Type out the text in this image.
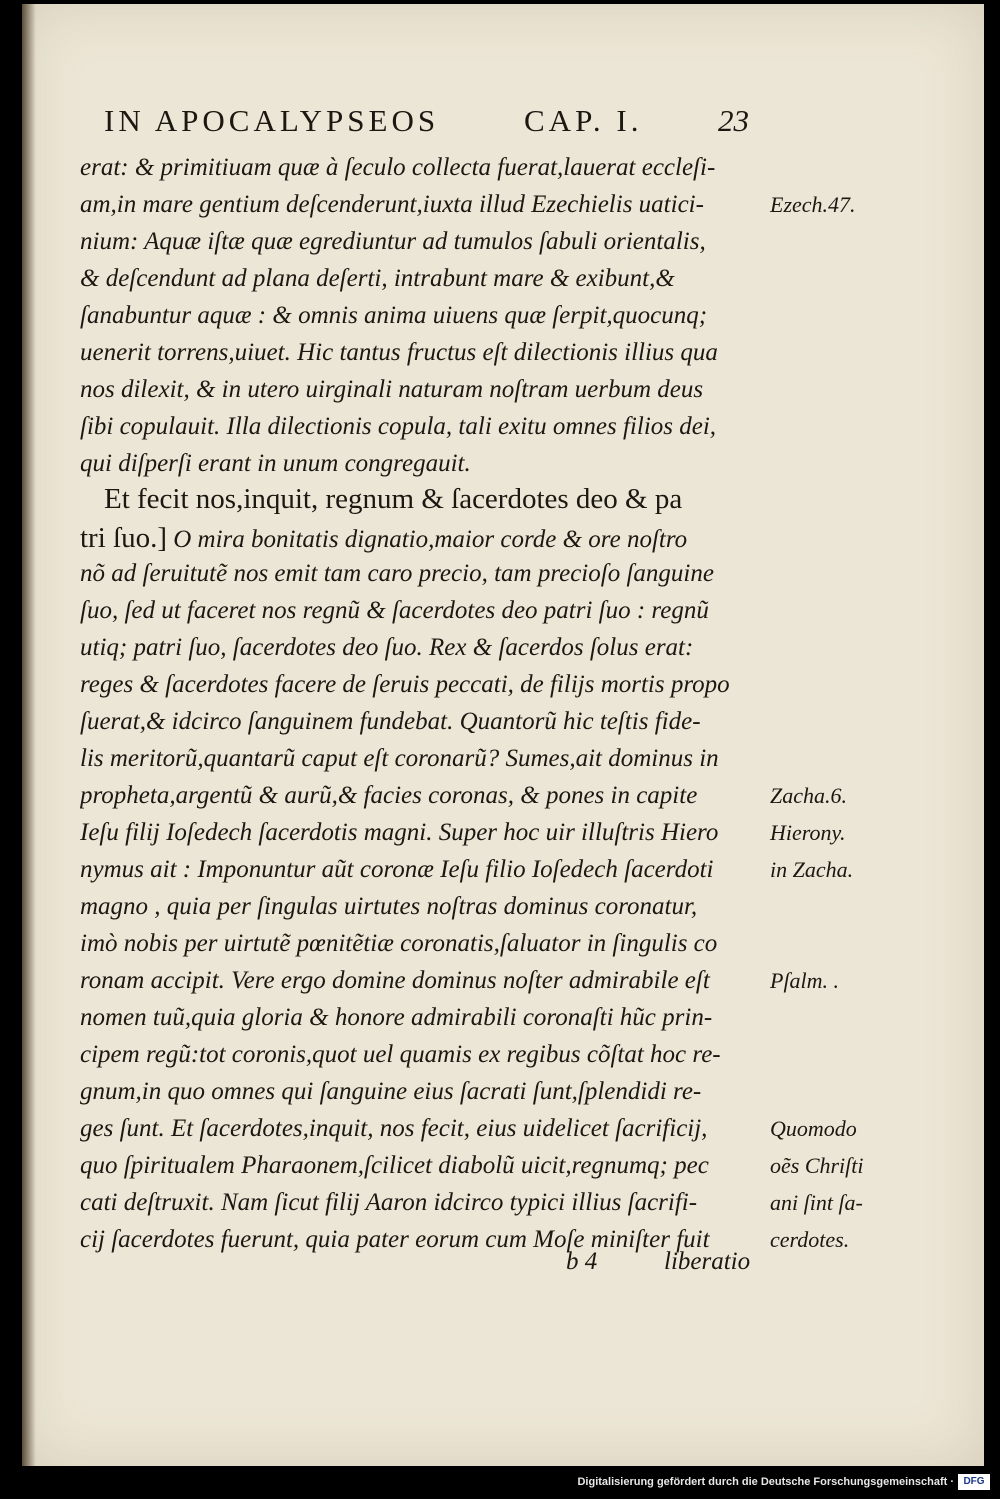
IN APOCALYPSEOS	CAP. I. 23
erat: & primitiuam quæ à ſeculo collecta fuerat,lauerat eccleſi-
am,in mare gentium deſcenderunt,iuxta illud Ezechielis uatici-
nium: Aquæ iſtæ quæ egrediuntur ad tumulos ſabuli orientalis,
& deſcendunt ad plana deſerti, intrabunt mare & exibunt,&
ſanabuntur aquæ : & omnis anima uiuens quæ ſerpit,quocunq;
uenerit torrens,uiuet. Hic tantus fructus eſt dilectionis illius qua
nos dilexit, & in utero uirginali naturam noſtram uerbum deus
ſibi copulauit. Illa dilectionis copula, tali exitu omnes filios dei,
qui diſperſi erant in unum congregauit.
Et fecit nos,inquit, regnum & ſacerdotes deo & pa
tri ſuo.] O mira bonitatis dignatio,maior corde & ore noſtro
nõ ad ſeruitutẽ nos emit tam caro precio, tam precioſo ſanguine
ſuo, ſed ut faceret nos regnũ & ſacerdotes deo patri ſuo : regnũ
utiq; patri ſuo, ſacerdotes deo ſuo. Rex & ſacerdos ſolus erat:
reges & ſacerdotes facere de ſeruis peccati, de filijs mortis propo
ſuerat,& idcirco ſanguinem fundebat. Quantorũ hic teſtis fide-
lis meritorũ,quantarũ caput eſt coronarũ? Sumes,ait dominus in
propheta,argentũ & aurũ,& facies coronas, & pones in capite
Ieſu filij Ioſedech ſacerdotis magni. Super hoc uir illuſtris Hiero
nymus ait : Imponuntur aũt coronæ Ieſu filio Ioſedech ſacerdoti
magno , quia per ſingulas uirtutes noſtras dominus coronatur,
imò nobis per uirtutẽ pœnitẽtiæ coronatis,ſaluator in ſingulis co
ronam accipit. Vere ergo domine dominus noſter admirabile eſt
nomen tuũ,quia gloria & honore admirabili coronaſti hũc prin-
cipem regũ:tot coronis,quot uel quamis ex regibus cõſtat hoc re-
gnum,in quo omnes qui ſanguine eius ſacrati ſunt,ſplendidi re-
ges ſunt. Et ſacerdotes,inquit, nos fecit, eius uidelicet ſacrificij,
quo ſpiritualem Pharaonem,ſcilicet diabolũ uicit,regnumq; pec
cati deſtruxit. Nam ſicut filij Aaron idcirco typici illius ſacrifi-
cij ſacerdotes fuerunt, quia pater eorum cum Moſe miniſter fuit
Ezech.47.
Zacha.6.
Hierony.
in Zacha.
Pſalm. .
Quomodo
oẽs Chriſti
ani ſint ſa-
cerdotes.
b 4	liberatio
Digitalisierung gefördert durch die Deutsche Forschungsgemeinschaft · DFG
